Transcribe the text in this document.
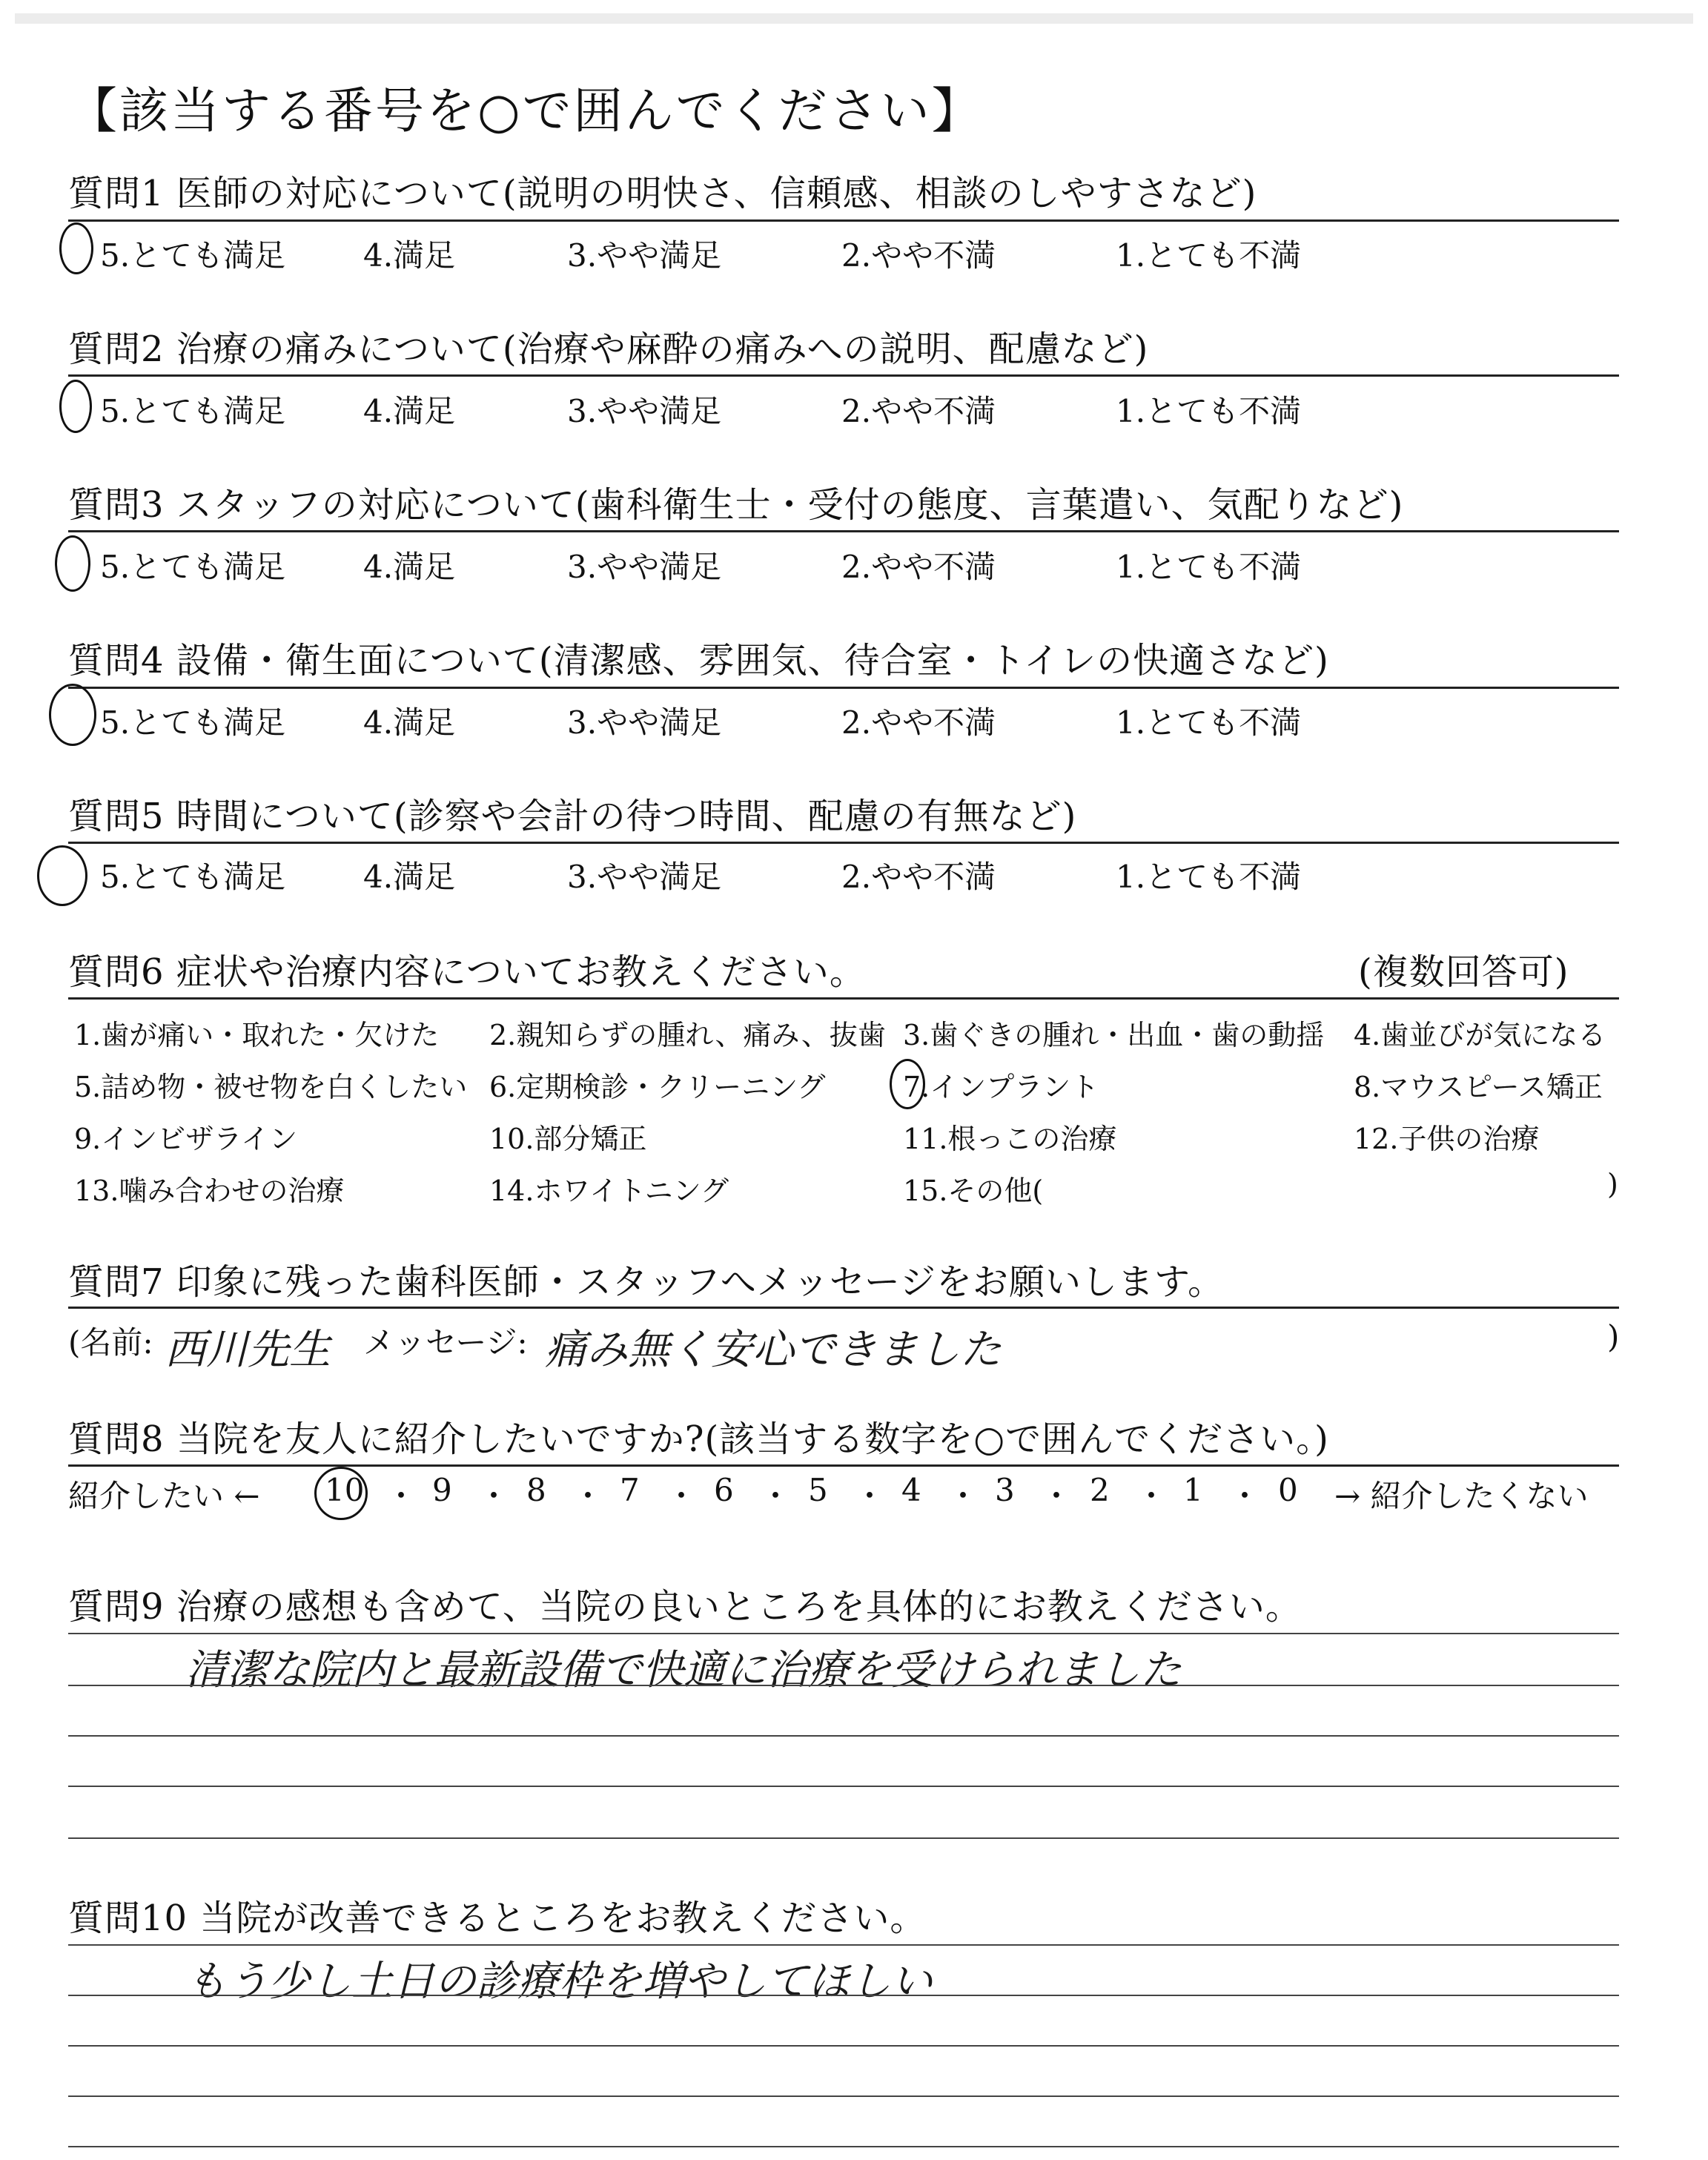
【該当する番号を○で囲んでください】
質問1 医師の対応について(説明の明快さ、信頼感、相談のしやすさなど)
5.とても満足 4.満足	3.やや満足	2.やや不満	1.とても不満
質問2 治療の痛みについて(治療や麻酔の痛みへの説明、配慮など)
5.とても満足 4.満足	3.やや満足	2.やや不満	1.とても不満
質問3 スタッフの対応について(歯科衛生士・受付の態度、言葉遣い、気配りなど)
5.とても満足 4.満足	3.やや満足	2.やや不満	1.とても不満
質問4 設備・衛生面について(清潔感、雰囲気、待合室・トイレの快適さなど)
5.とても満足 4.満足	3.やや満足	2.やや不満	1.とても不満
質問5 時間について(診察や会計の待つ時間、配慮の有無など)
5.とても満足 4.満足	3.やや満足	2.やや不満	1.とても不満
質問6 症状や治療内容についてお教えください。	(複数回答可)
1.歯が痛い・取れた・欠けた 2.親知らずの腫れ、痛み、抜歯 3.歯ぐきの腫れ・出血・歯の動揺 4.歯並びが気になる
5.詰め物・被せ物を白くしたい 6.定期検診・クリーニング	7.インプラント	8.マウスピース矯正
9.インビザライン	10.部分矯正	11.根っこの治療	12.子供の治療
13.噛み合わせの治療	14.ホワイトニング	15.その他(	)
質問7 印象に残った歯科医師・スタッフへメッセージをお願いします。
(名前: 西川先生 メッセージ: 痛み無く安心できました	)
質問8 当院を友人に紹介したいですか?(該当する数字を○で囲んでください。)
紹介したい ← 10 ・ 9 ・ 8 ・ 7 ・ 6 ・ 5 ・ 4 ・ 3 ・ 2 ・ 1 ・ 0 → 紹介したくない
質問9 治療の感想も含めて、当院の良いところを具体的にお教えください。
清潔な院内と最新設備で快適に治療を受けられました
質問10 当院が改善できるところをお教えください。
もう少し土日の診療枠を増やしてほしい
